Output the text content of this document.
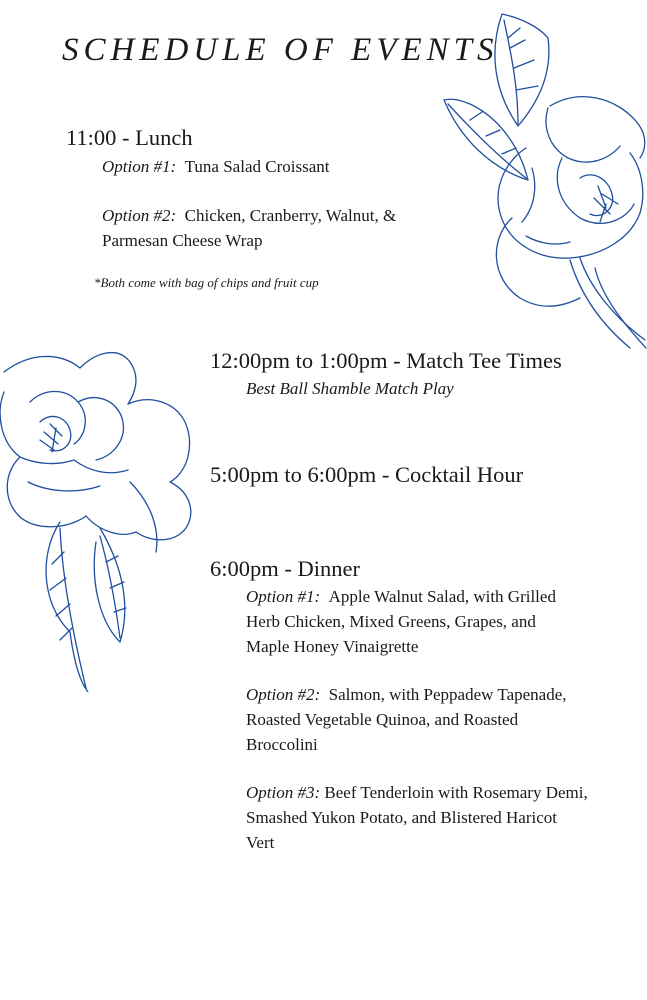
SCHEDULE OF EVENTS
11:00 - Lunch
Option #1: Tuna Salad Croissant
Option #2: Chicken, Cranberry, Walnut, &
Parmesan Cheese Wrap
*Both come with bag of chips and fruit cup
12:00pm to 1:00pm - Match Tee Times
Best Ball Shamble Match Play
5:00pm to 6:00pm - Cocktail Hour
6:00pm - Dinner
Option #1: Apple Walnut Salad, with Grilled
Herb Chicken, Mixed Greens, Grapes, and
Maple Honey Vinaigrette
Option #2: Salmon, with Peppadew Tapenade,
Roasted Vegetable Quinoa, and Roasted
Broccolini
Option #3: Beef Tenderloin with Rosemary Demi,
Smashed Yukon Potato, and Blistered Haricot
Vert
